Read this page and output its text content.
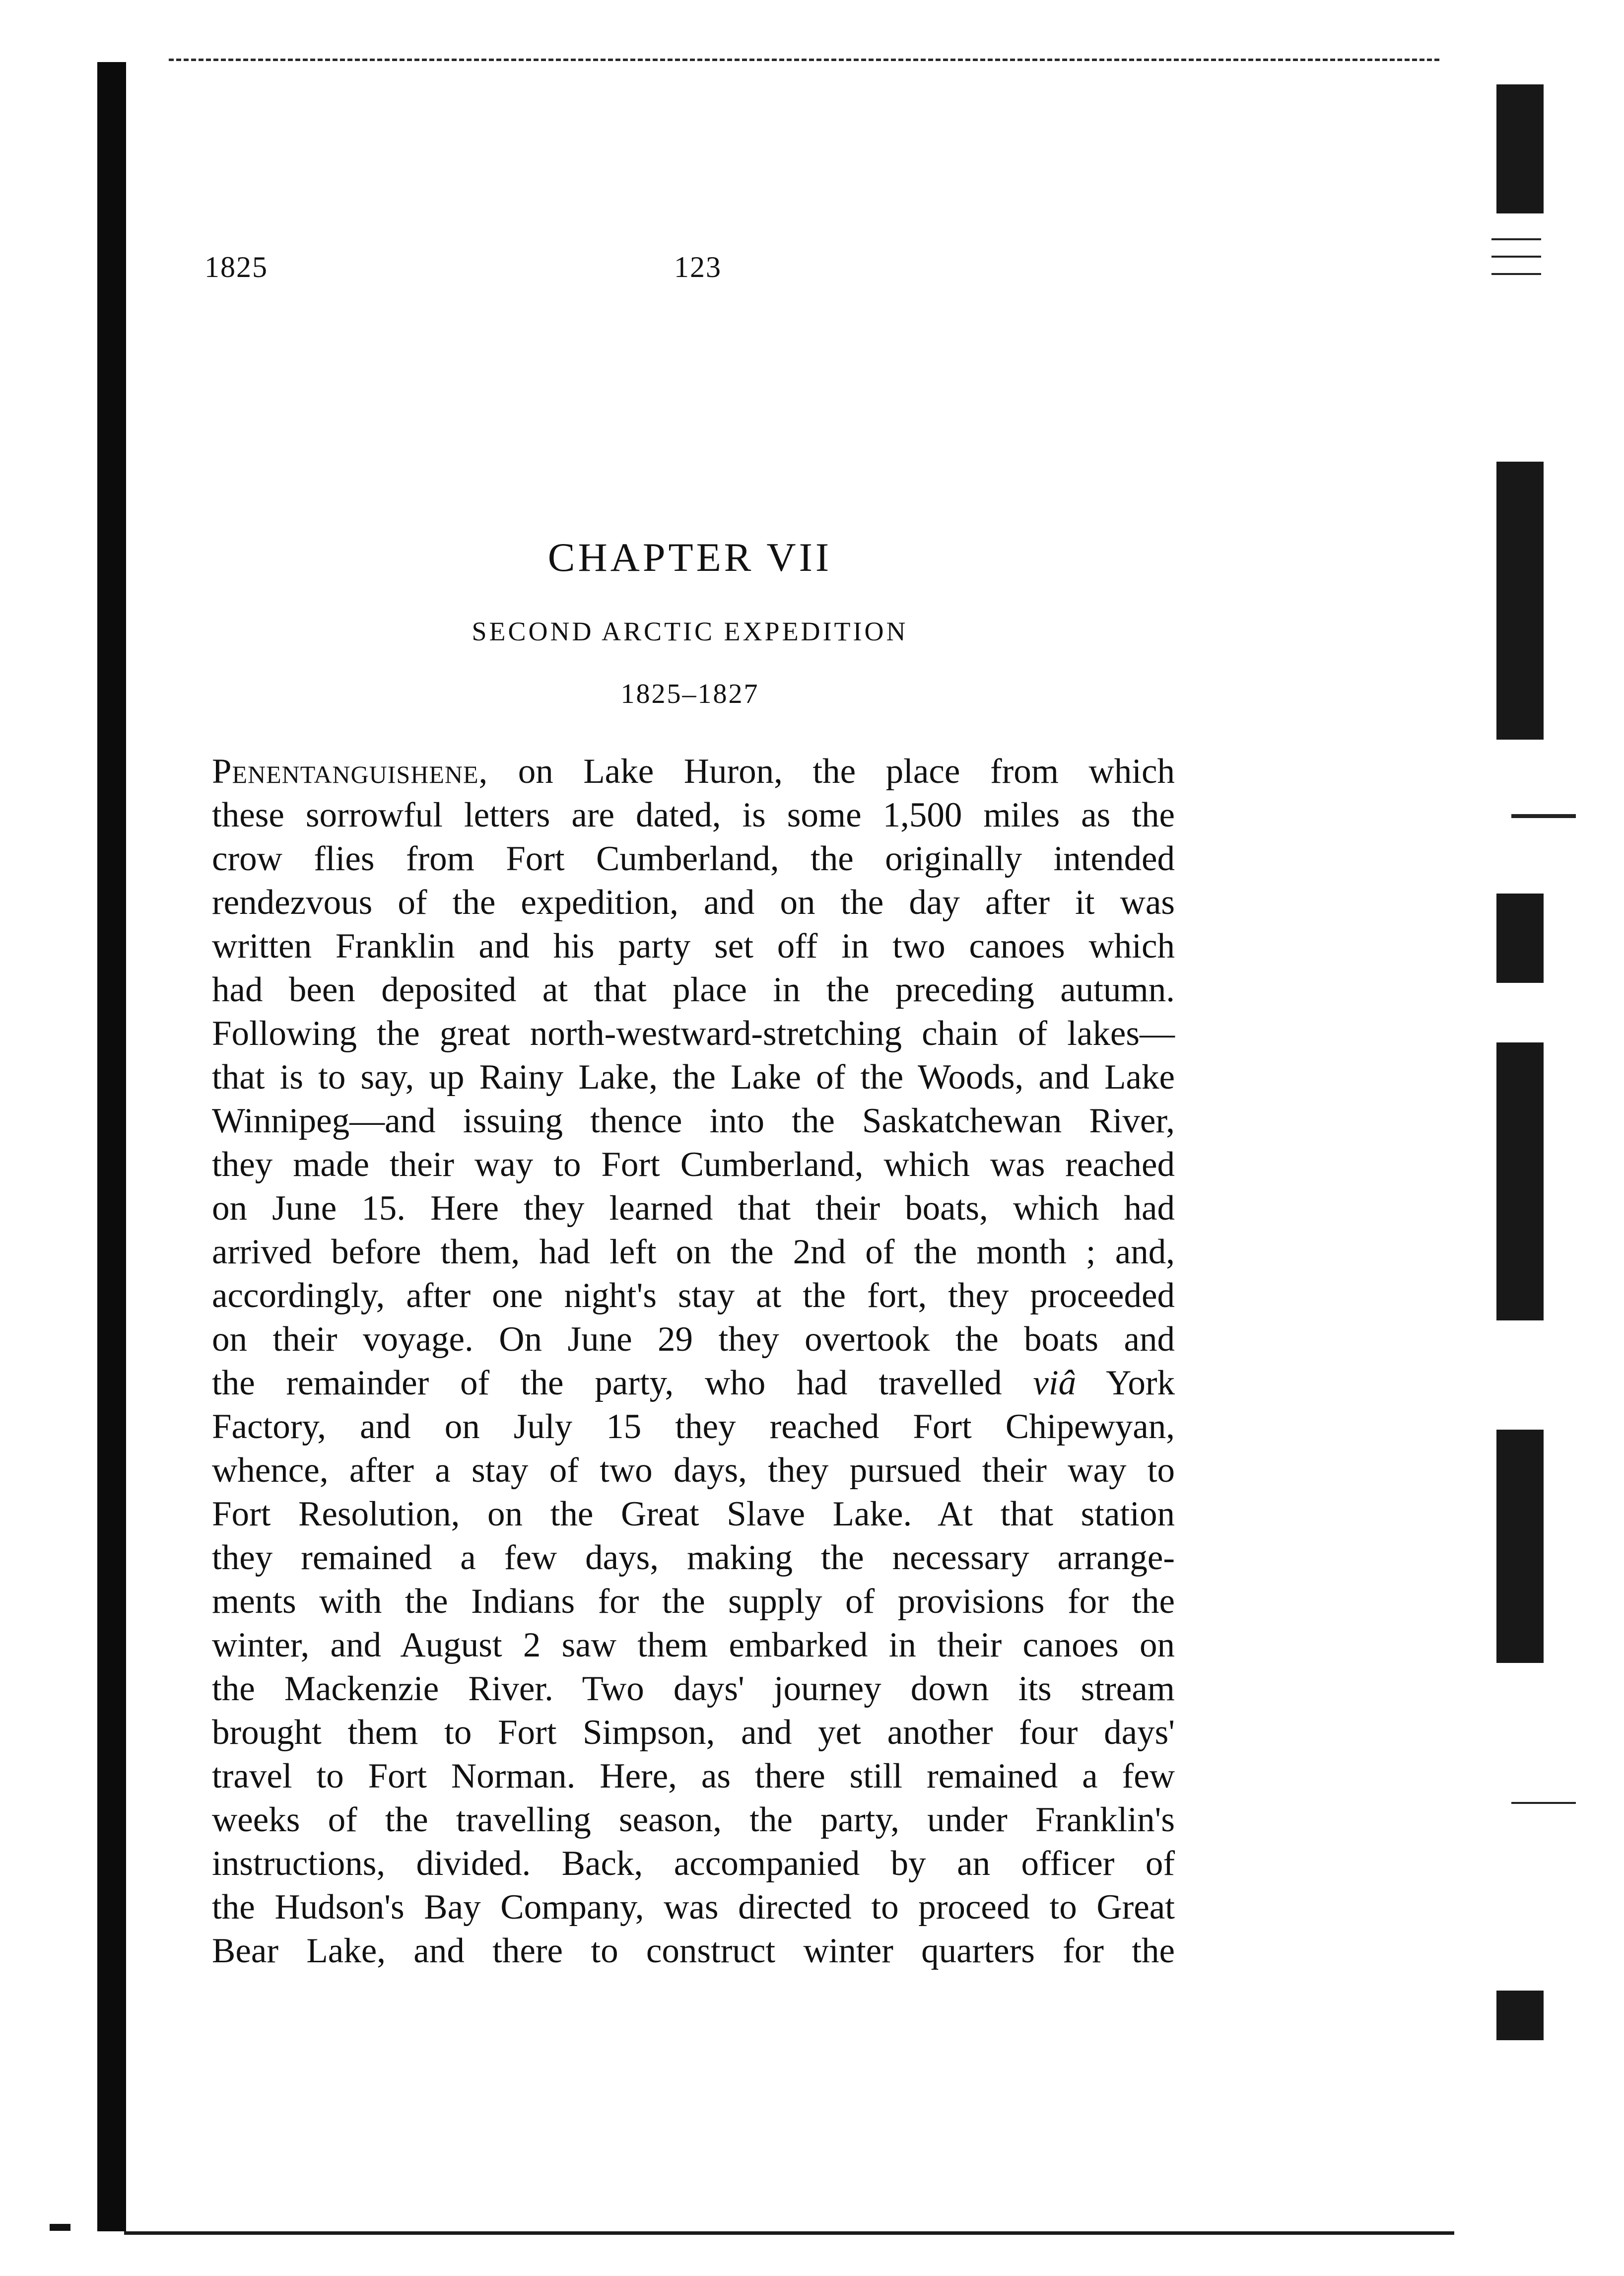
1825	123
CHAPTER VII
SECOND ARCTIC EXPEDITION
1825–1827
Penentanguishene, on Lake Huron, the place from which
these sorrowful letters are dated, is some 1,500 miles as the
crow flies from Fort Cumberland, the originally intended
rendezvous of the expedition, and on the day after it was
written Franklin and his party set off in two canoes which
had been deposited at that place in the preceding autumn.
Following the great north-westward-stretching chain of lakes—
that is to say, up Rainy Lake, the Lake of the Woods, and Lake
Winnipeg—and issuing thence into the Saskatchewan River,
they made their way to Fort Cumberland, which was reached
on June 15. Here they learned that their boats, which had
arrived before them, had left on the 2nd of the month ; and,
accordingly, after one night's stay at the fort, they proceeded
on their voyage. On June 29 they overtook the boats and
the remainder of the party, who had travelled viâ York
Factory, and on July 15 they reached Fort Chipewyan,
whence, after a stay of two days, they pursued their way to
Fort Resolution, on the Great Slave Lake. At that station
they remained a few days, making the necessary arrange-
ments with the Indians for the supply of provisions for the
winter, and August 2 saw them embarked in their canoes on
the Mackenzie River. Two days' journey down its stream
brought them to Fort Simpson, and yet another four days'
travel to Fort Norman. Here, as there still remained a few
weeks of the travelling season, the party, under Franklin's
instructions, divided. Back, accompanied by an officer of
the Hudson's Bay Company, was directed to proceed to Great
Bear Lake, and there to construct winter quarters for the
